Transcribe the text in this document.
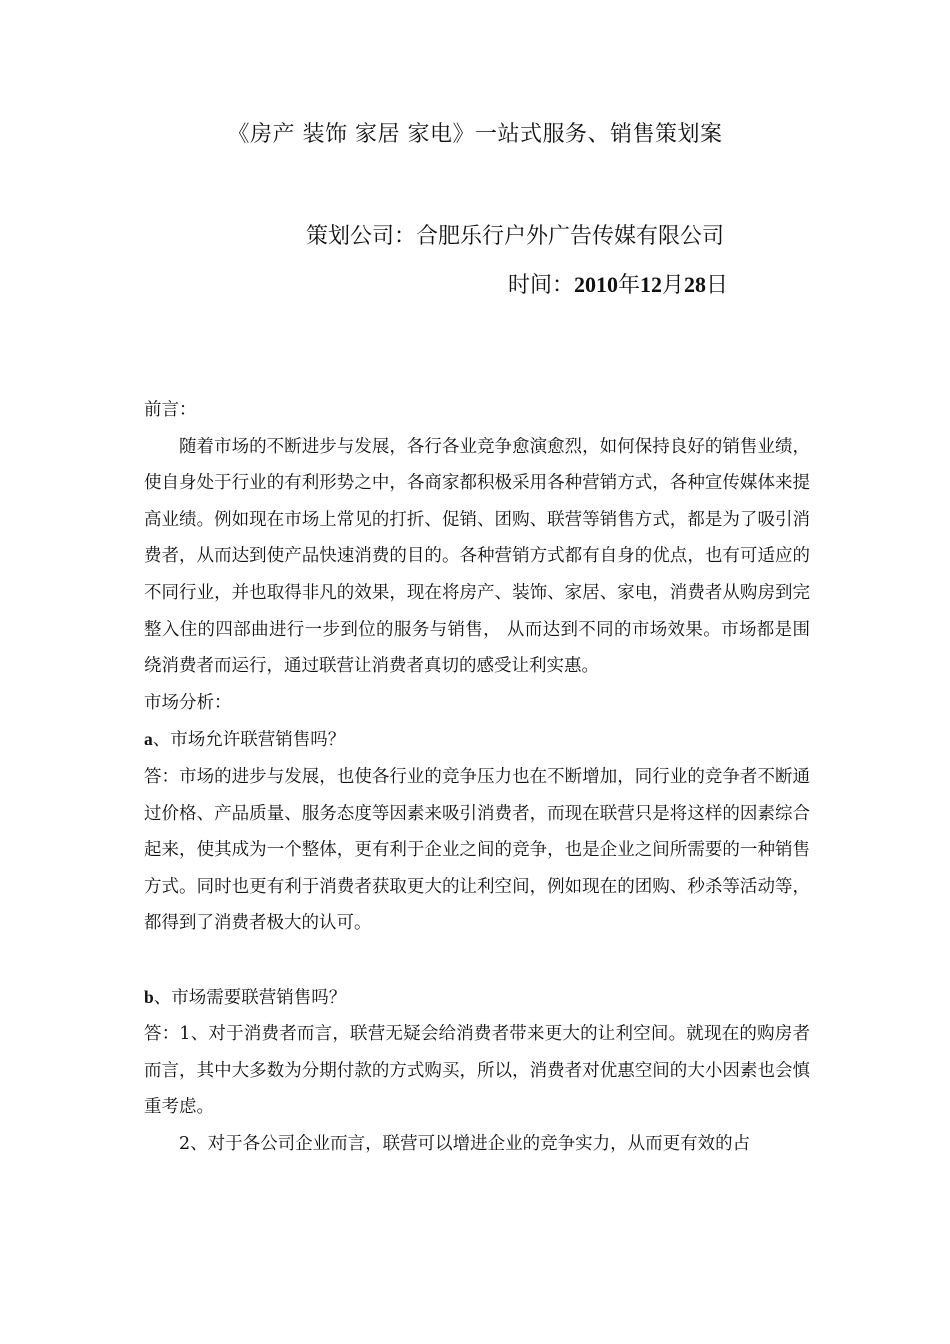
《房产 装饰 家居 家电》一站式服务、销售策划案
策划公司：合肥乐行户外广告传媒有限公司
时间：2010年12月28日

前言：

随着市场的不断进步与发展，各行各业竞争愈演愈烈，如何保持良好的销售业绩，使自身处于行业的有利形势之中，各商家都积极采用各种营销方式，各种宣传媒体来提高业绩。例如现在市场上常见的打折、促销、团购、联营等销售方式，都是为了吸引消费者，从而达到使产品快速消费的目的。各种营销方式都有自身的优点，也有可适应的不同行业，并也取得非凡的效果，现在将房产、装饰、家居、家电，消费者从购房到完整入住的四部曲进行一步到位的服务与销售， 从而达到不同的市场效果。市场都是围绕消费者而运行，通过联营让消费者真切的感受让利实惠。

市场分析：

a、市场允许联营销售吗？

答：市场的进步与发展，也使各行业的竞争压力也在不断增加，同行业的竞争者不断通过价格、产品质量、服务态度等因素来吸引消费者，而现在联营只是将这样的因素综合起来，使其成为一个整体，更有利于企业之间的竞争，也是企业之间所需要的一种销售方式。同时也更有利于消费者获取更大的让利空间，例如现在的团购、秒杀等活动等，都得到了消费者极大的认可。

b、市场需要联营销售吗？

答：1、对于消费者而言，联营无疑会给消费者带来更大的让利空间。就现在的购房者而言，其中大多数为分期付款的方式购买，所以，消费者对优惠空间的大小因素也会慎重考虑。

2、对于各公司企业而言，联营可以增进企业的竞争实力，从而更有效的占
